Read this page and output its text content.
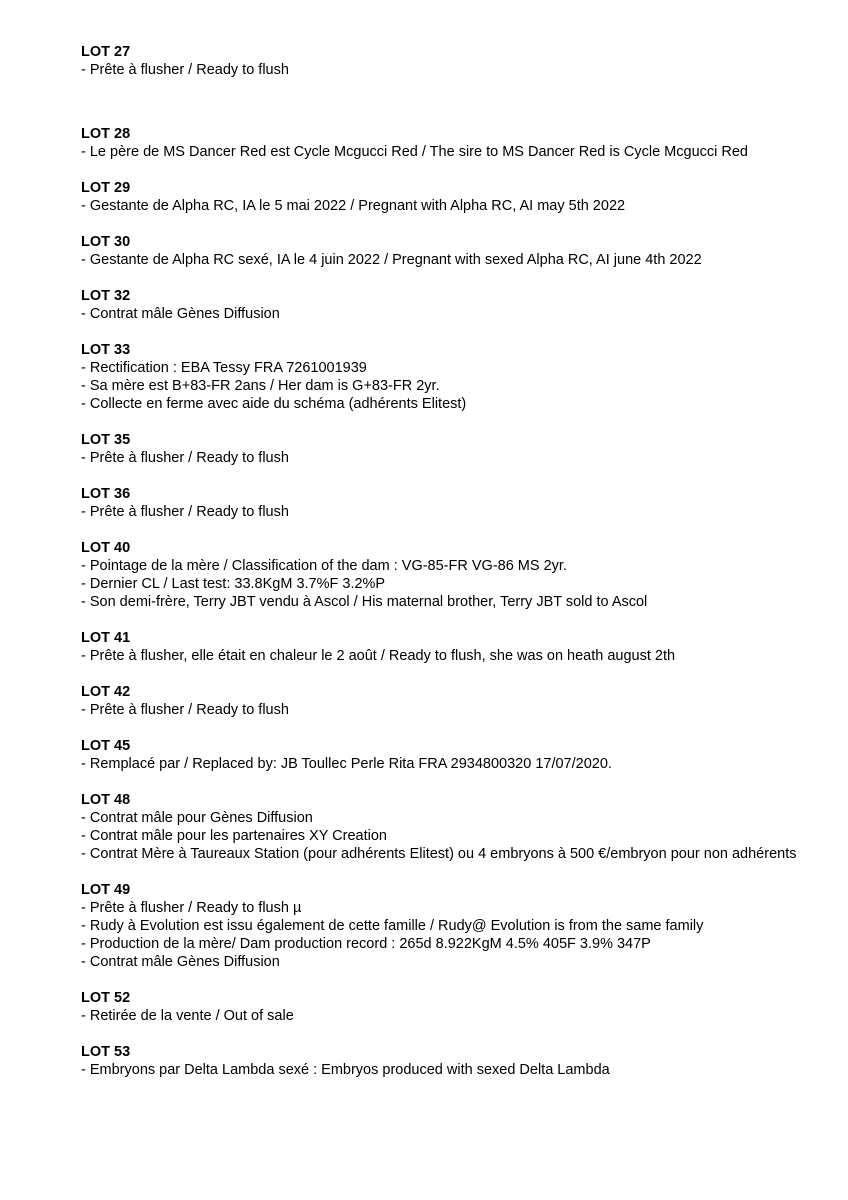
LOT 27

- Prête à flusher / Ready to flush

LOT 28

- Le père de MS Dancer Red est Cycle Mcgucci Red / The sire to MS Dancer Red is Cycle Mcgucci Red

LOT 29

- Gestante de Alpha RC, IA le 5 mai 2022 / Pregnant with Alpha RC, AI may 5th 2022

LOT 30

- Gestante de Alpha RC sexé, IA le 4 juin 2022 / Pregnant with sexed Alpha RC, AI june 4th 2022

LOT 32

- Contrat mâle Gènes Diffusion

LOT 33

- Rectification : EBA Tessy FRA 7261001939

- Sa mère est B+83-FR 2ans / Her dam is G+83-FR 2yr.

- Collecte en ferme avec aide du schéma (adhérents Elitest)

LOT 35

- Prête à flusher / Ready to flush

LOT 36

- Prête à flusher / Ready to flush

LOT 40

- Pointage de la mère / Classification of the dam : VG-85-FR VG-86 MS 2yr.

- Dernier CL / Last test: 33.8KgM 3.7%F 3.2%P

- Son demi-frère, Terry JBT vendu à Ascol / His maternal brother, Terry JBT sold to Ascol

LOT 41

- Prête à flusher, elle était en chaleur le 2 août / Ready to flush, she was on heath august 2th

LOT 42

- Prête à flusher / Ready to flush

LOT 45

- Remplacé par / Replaced by: JB Toullec Perle Rita FRA 2934800320 17/07/2020.

LOT 48

- Contrat mâle pour Gènes Diffusion

- Contrat mâle pour les partenaires XY Creation

- Contrat Mère à Taureaux Station (pour adhérents Elitest) ou 4 embryons à 500 €/embryon pour non adhérents

LOT 49

- Prête à flusher / Ready to flush µ

- Rudy à Evolution est issu également de cette famille / Rudy@ Evolution is from the same family

- Production de la mère/ Dam production record : 265d 8.922KgM 4.5% 405F 3.9% 347P

- Contrat mâle Gènes Diffusion

LOT 52

- Retirée de la vente / Out of sale

LOT 53

- Embryons par Delta Lambda sexé : Embryos produced with sexed Delta Lambda
